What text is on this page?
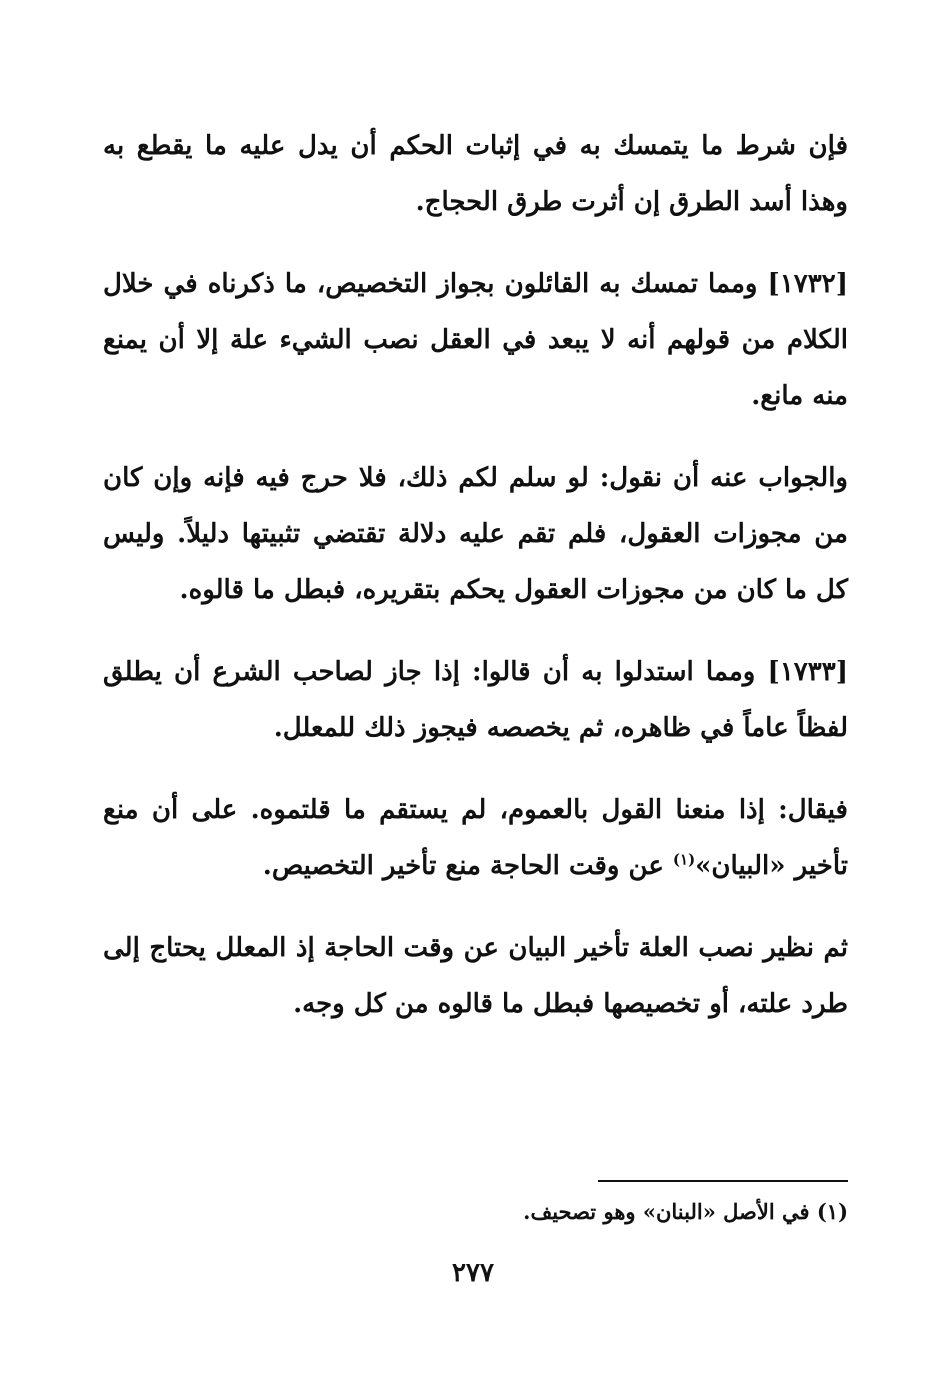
فإن شرط ما يتمسك به في إثبات الحكم أن يدل عليه ما يقطع به وهذا أسد الطرق إن أثرت طرق الحجاج.

[١٧٣٢] ومما تمسك به القائلون بجواز التخصيص، ما ذكرناه في خلال الكلام من قولهم أنه لا يبعد في العقل نصب الشيء علة إلا أن يمنع منه مانع.

والجواب عنه أن نقول: لو سلم لكم ذلك، فلا حرج فيه فإنه وإن كان من مجوزات العقول، فلم تقم عليه دلالة تقتضي تثبيتها دليلاً. وليس كل ما كان من مجوزات العقول يحكم بتقريره، فبطل ما قالوه.

[١٧٣٣] ومما استدلوا به أن قالوا: إذا جاز لصاحب الشرع أن يطلق لفظاً عاماً في ظاهره، ثم يخصصه فيجوز ذلك للمعلل.

فيقال: إذا منعنا القول بالعموم، لم يستقم ما قلتموه. على أن منع تأخير «البيان»$^{(١)}$ عن وقت الحاجة منع تأخير التخصيص.

ثم نظير نصب العلة تأخير البيان عن وقت الحاجة إذ المعلل يحتاج إلى طرد علته، أو تخصيصها فبطل ما قالوه من كل وجه.

(١) في الأصل «البنان» وهو تصحيف.
٢٧٧
